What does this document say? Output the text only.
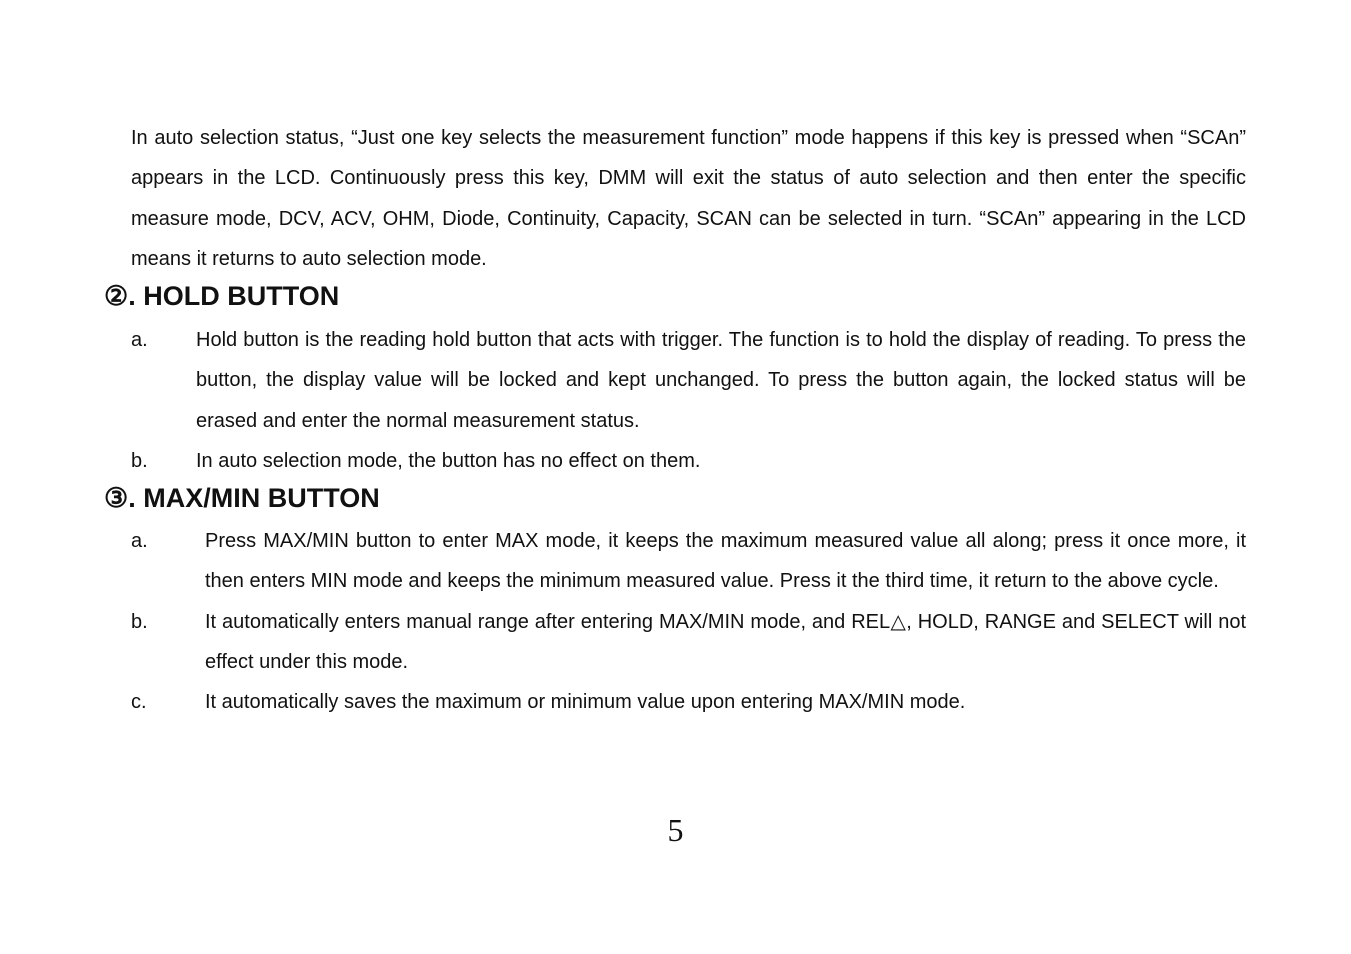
In auto selection status, “Just one key selects the measurement function” mode happens if this key is pressed when “SCAn” appears in the LCD. Continuously press this key, DMM will exit the status of auto selection and then enter the specific measure mode, DCV, ACV, OHM, Diode, Continuity, Capacity, SCAN can be selected in turn. “SCAn” appearing in the LCD means it returns to auto selection mode.

②. HOLD BUTTON
a.	Hold button is the reading hold button that acts with trigger. The function is to hold the display of reading. To press the button, the display value will be locked and kept unchanged. To press the button again, the locked status will be erased and enter the normal measurement status.
b.	In auto selection mode, the button has no effect on them.
③. MAX/MIN BUTTON
a.	Press MAX/MIN button to enter MAX mode, it keeps the maximum measured value all along; press it once more, it then enters MIN mode and keeps the minimum measured value. Press it the third time, it return to the above cycle.
b.	It automatically enters manual range after entering MAX/MIN mode, and REL△, HOLD, RANGE and SELECT will not effect under this mode.
c.	It automatically saves the maximum or minimum value upon entering MAX/MIN mode.

5
